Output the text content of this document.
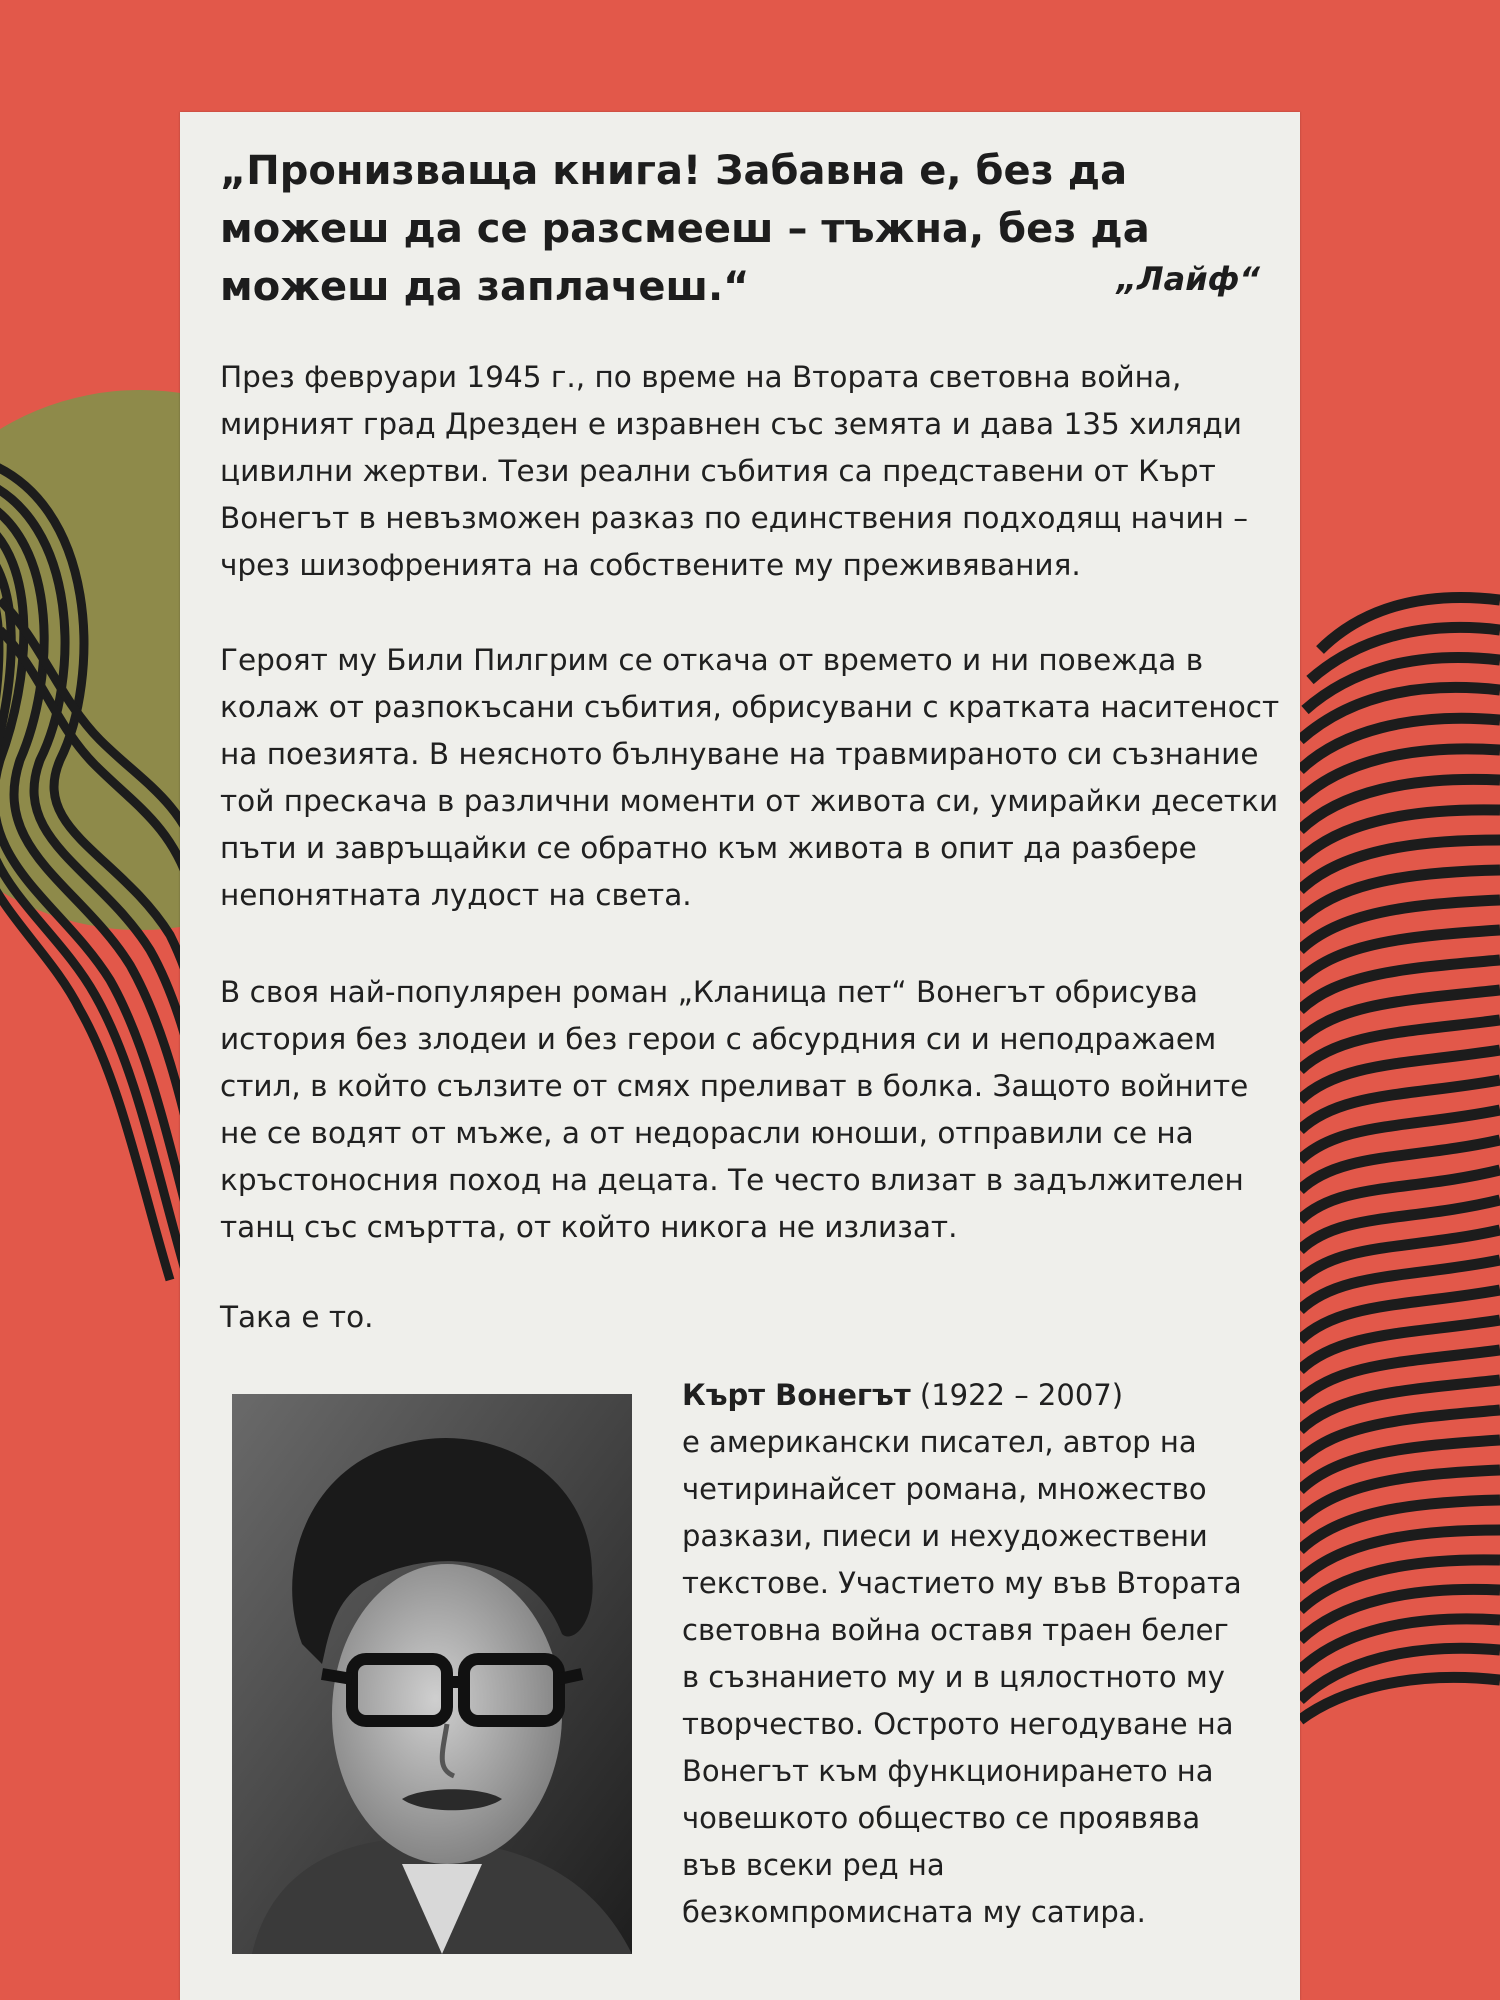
„Пронизваща книга! Забавна е, без да можеш да се разсмееш – тъжна, без да можеш да заплачеш.“	„Лайф“

През февруари 1945 г., по време на Втората световна война, мирният град Дрезден е изравнен със земята и дава 135 хиляди цивилни жертви. Тези реални събития са представени от Кърт Вонегът в невъзможен разказ по единствения подходящ начин – чрез шизофренията на собствените му преживявания.

Героят му Били Пилгрим се откача от времето и ни повежда в колаж от разпокъсани събития, обрисувани с кратката наситеност на поезията. В неясното бълнуване на травмираното си съзнание той прескача в различни моменти от живота си, умирайки десетки пъти и завръщайки се обратно към живота в опит да разбере непонятната лудост на света.

В своя най-популярен роман „Кланица пет“ Вонегът обрисува история без злодеи и без герои с абсурдния си и неподражаем стил, в който сълзите от смях преливат в болка. Защото войните не се водят от мъже, а от недорасли юноши, отправили се на кръстоносния поход на децата. Те често влизат в задължителен танц със смъртта, от който никога не излизат.

Така е то.

Кърт Вонегът (1922 – 2007)
е американски писател, автор на четиринайсет романа, множество разкази, пиеси и нехудожествени текстове. Участието му във Втората световна война оставя траен белег в съзнанието му и в цялостното му творчество. Острото негодуване на Вонегът към функционирането на човешкото общество се проявява във всеки ред на безкомпромисната му сатира.
